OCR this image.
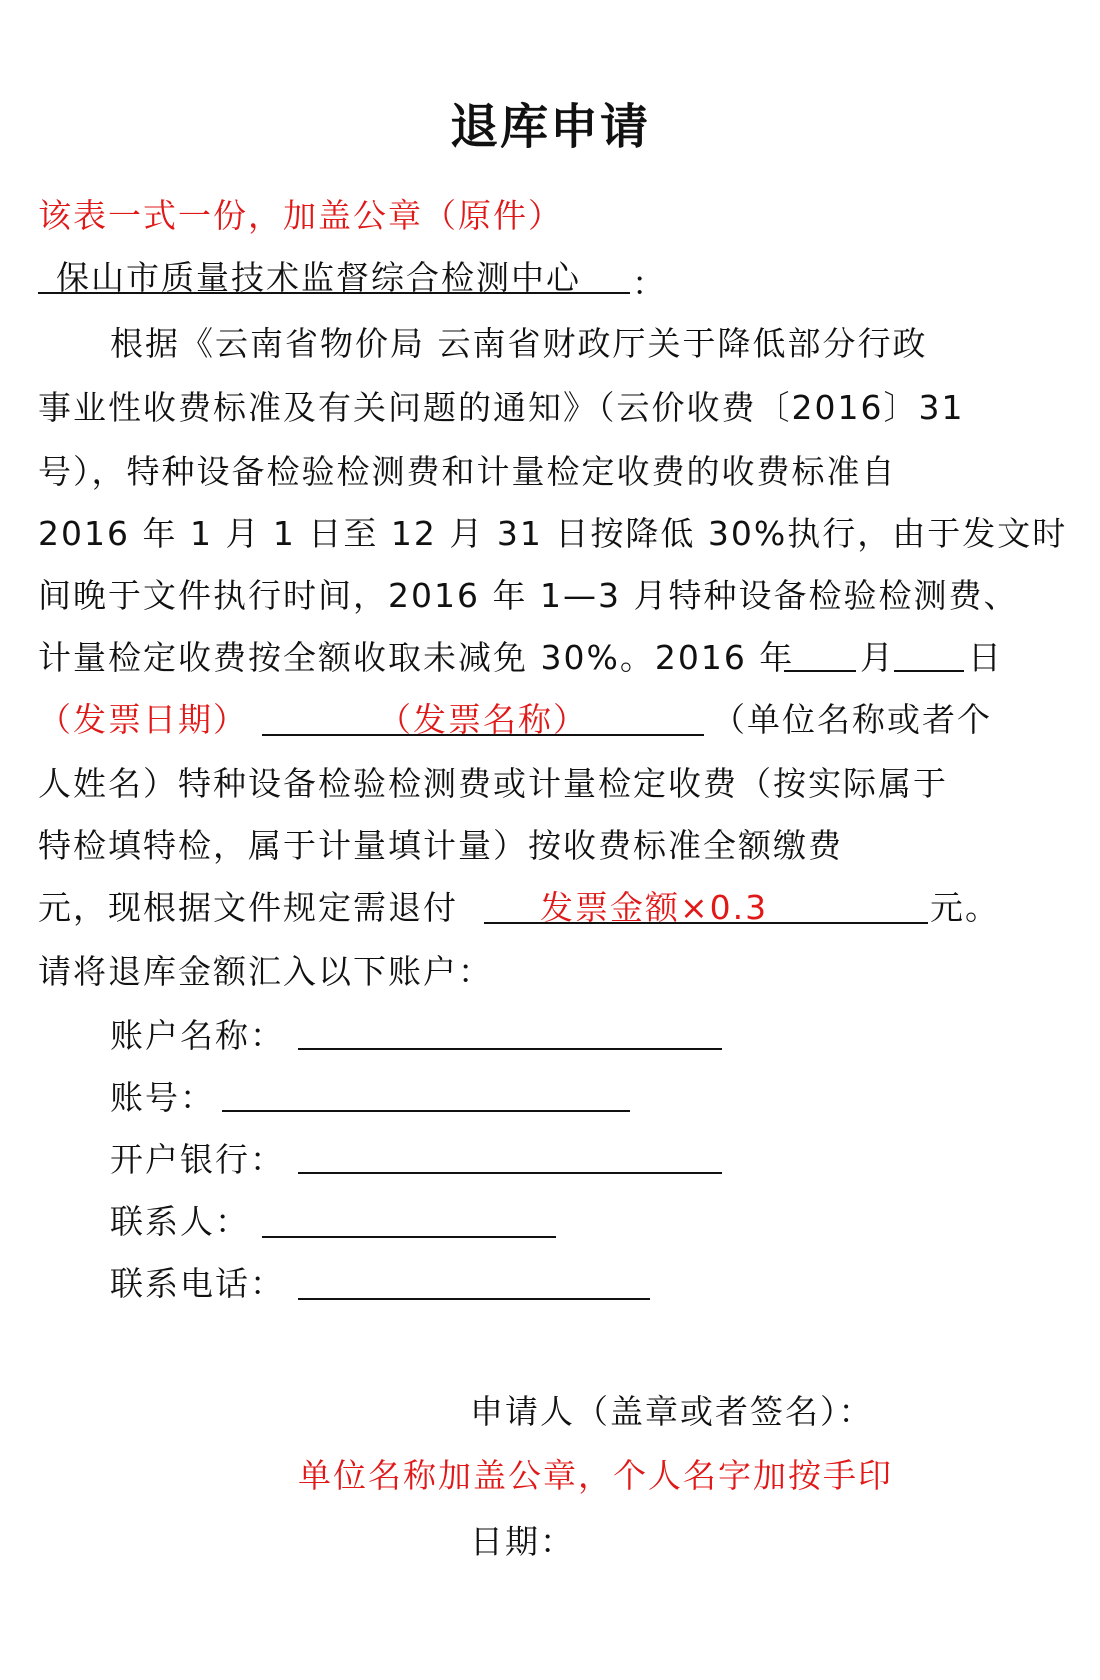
退库申请
该表一式一份，加盖公章（原件）
保山市质量技术监督综合检测中心 ：
根据《云南省物价局 云南省财政厅关于降低部分行政
事业性收费标准及有关问题的通知》（云价收费〔2016〕31
号），特种设备检验检测费和计量检定收费的收费标准自
2016 年 1 月 1 日至 12 月 31 日按降低 30%执行，由于发文时
间晚于文件执行时间，2016 年 1—3 月特种设备检验检测费、
计量检定收费按全额收取未减免 30%。2016 年 月 日
（发票日期）	（发票名称）	（单位名称或者个
人姓名）特种设备检验检测费或计量检定收费（按实际属于
特检填特检，属于计量填计量）按收费标准全额缴费
元，现根据文件规定需退付 发票金额×0.3	元。
请将退库金额汇入以下账户：
账户名称：
账号：
开户银行：
联系人：
联系电话：
申请人（盖章或者签名）：
单位名称加盖公章，个人名字加按手印
日期：
